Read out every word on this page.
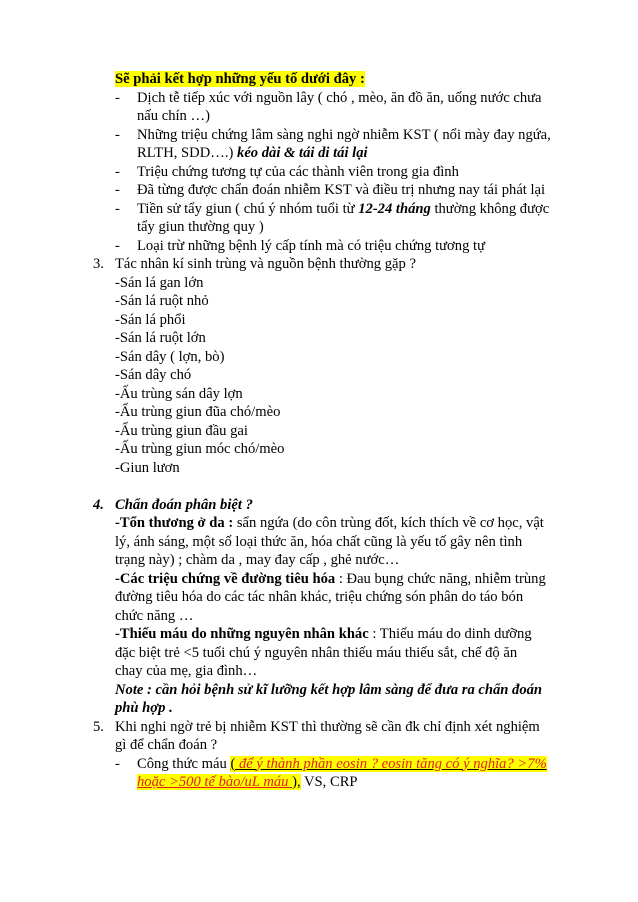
Sẽ phải kết hợp những yếu tố dưới đây :
- Dịch tễ tiếp xúc với nguồn lây ( chó , mèo, ăn đồ ăn, uống nước chưa
nấu chín …)
- Những triệu chứng lâm sàng nghi ngờ nhiễm KST ( nổi mày đay ngứa,
RLTH, SDD….) kéo dài & tái di tái lại
- Triệu chứng tương tự của các thành viên trong gia đình
- Đã từng được chẩn đoán nhiễm KST và điều trị nhưng nay tái phát lại
- Tiền sử tẩy giun ( chú ý nhóm tuổi từ 12-24 tháng thường không được
tẩy giun thường quy )
- Loại trừ những bệnh lý cấp tính mà có triệu chứng tương tự
3. Tác nhân kí sinh trùng và nguồn bệnh thường gặp ?
-Sán lá gan lớn
-Sán lá ruột nhỏ
-Sán lá phổi
-Sán lá ruột lớn
-Sán dây ( lợn, bò)
-Sán dây chó
-Ấu trùng sán dây lợn
-Ấu trùng giun đũa chó/mèo
-Ấu trùng giun đầu gai
-Ấu trùng giun móc chó/mèo
-Giun lươn
4. Chẩn đoán phân biệt ?
-Tổn thương ở da : sẩn ngứa (do côn trùng đốt, kích thích về cơ học, vật
lý, ánh sáng, một số loại thức ăn, hóa chất cũng là yếu tố gây nên tình
trạng này) ; chàm da , may đay cấp , ghẻ nước…
-Các triệu chứng về đường tiêu hóa : Đau bụng chức năng, nhiễm trùng
đường tiêu hóa do các tác nhân khác, triệu chứng són phân do táo bón
chức năng …
-Thiếu máu do những nguyên nhân khác : Thiếu máu do dinh dưỡng
đặc biệt trẻ <5 tuổi chú ý nguyên nhân thiếu máu thiếu sắt, chế độ ăn
chay của mẹ, gia đình…
Note : cần hỏi bệnh sử kĩ lưỡng kết hợp lâm sàng để đưa ra chẩn đoán
phù hợp .
5. Khi nghi ngờ trẻ bị nhiễm KST thì thường sẽ cần đk chỉ định xét nghiệm
gì để chẩn đoán ?
- Công thức máu ( để ý thành phần eosin ? eosin tăng có ý nghĩa? >7%
hoặc >500 tế bào/uL máu ), VS, CRP
